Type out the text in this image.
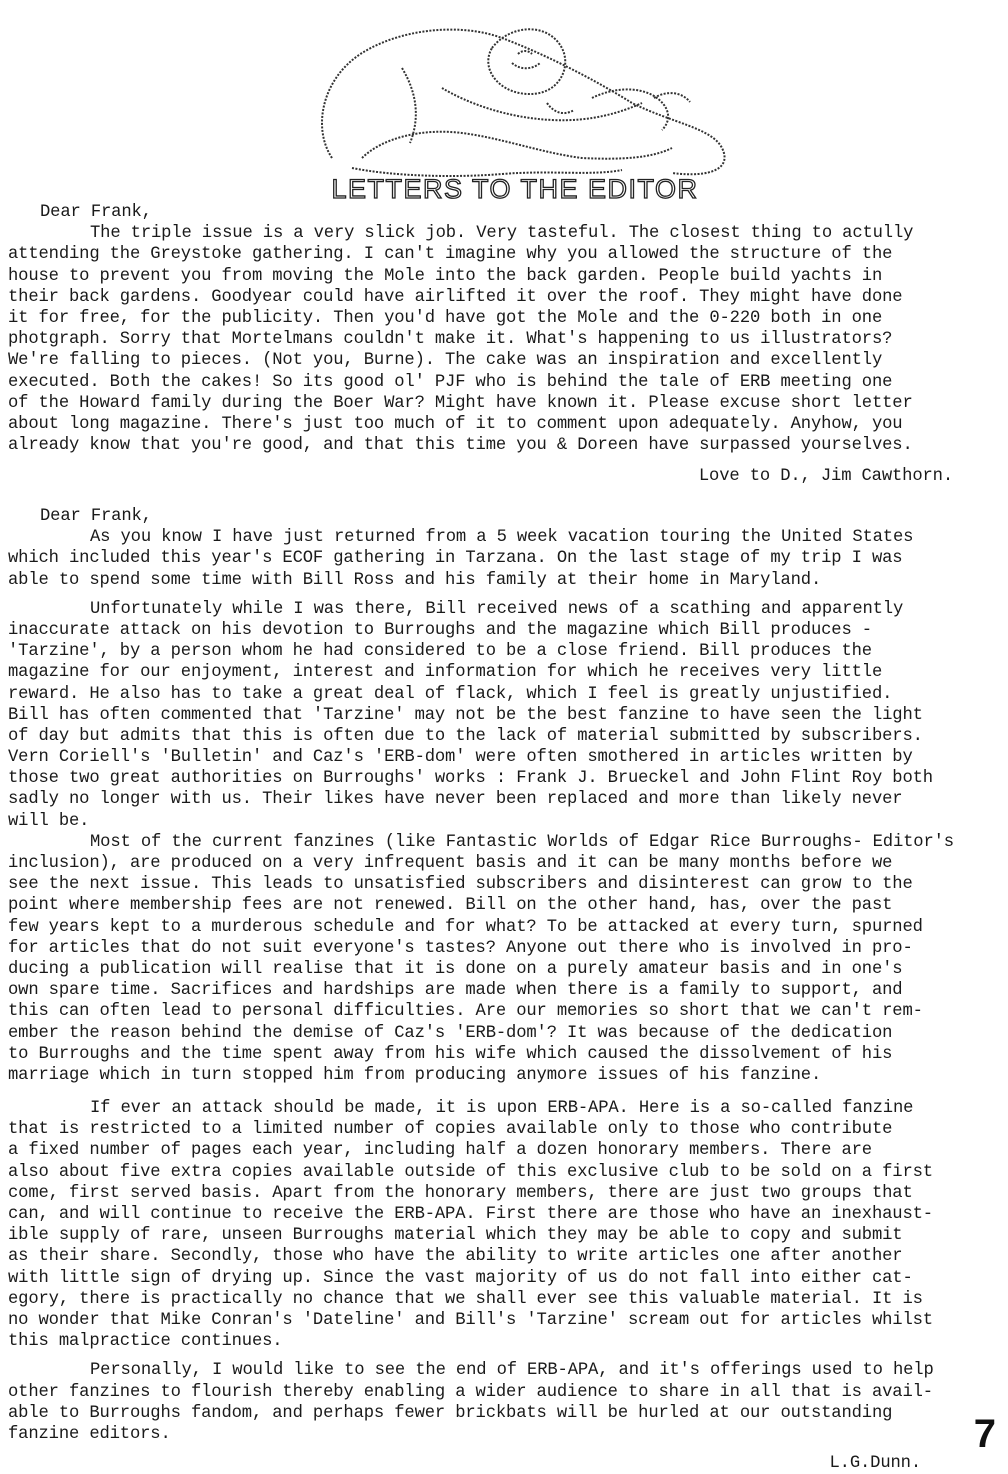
LETTERS TO THE EDITOR
Dear Frank,
The triple issue is a very slick job. Very tasteful. The closest thing to actully
attending the Greystoke gathering. I can't imagine why you allowed the structure of the
house to prevent you from moving the Mole into the back garden. People build yachts in
their back gardens. Goodyear could have airlifted it over the roof. They might have done
it for free, for the publicity. Then you'd have got the Mole and the 0-220 both in one
photgraph. Sorry that Mortelmans couldn't make it. What's happening to us illustrators?
We're falling to pieces. (Not you, Burne). The cake was an inspiration and excellently
executed. Both the cakes! So its good ol' PJF who is behind the tale of ERB meeting one
of the Howard family during the Boer War? Might have known it. Please excuse short letter
about long magazine. There's just too much of it to comment upon adequately. Anyhow, you
already know that you're good, and that this time you & Doreen have surpassed yourselves.
Love to D., Jim Cawthorn.
Dear Frank,
As you know I have just returned from a 5 week vacation touring the United States
which included this year's ECOF gathering in Tarzana. On the last stage of my trip I was
able to spend some time with Bill Ross and his family at their home in Maryland.
Unfortunately while I was there, Bill received news of a scathing and apparently
inaccurate attack on his devotion to Burroughs and the magazine which Bill produces -
'Tarzine', by a person whom he had considered to be a close friend. Bill produces the
magazine for our enjoyment, interest and information for which he receives very little
reward. He also has to take a great deal of flack, which I feel is greatly unjustified.
Bill has often commented that 'Tarzine' may not be the best fanzine to have seen the light
of day but admits that this is often due to the lack of material submitted by subscribers.
Vern Coriell's 'Bulletin' and Caz's 'ERB-dom' were often smothered in articles written by
those two great authorities on Burroughs' works : Frank J. Brueckel and John Flint Roy both
sadly no longer with us. Their likes have never been replaced and more than likely never
will be.
Most of the current fanzines (like Fantastic Worlds of Edgar Rice Burroughs- Editor's
inclusion), are produced on a very infrequent basis and it can be many months before we
see the next issue. This leads to unsatisfied subscribers and disinterest can grow to the
point where membership fees are not renewed. Bill on the other hand, has, over the past
few years kept to a murderous schedule and for what? To be attacked at every turn, spurned
for articles that do not suit everyone's tastes? Anyone out there who is involved in pro-
ducing a publication will realise that it is done on a purely amateur basis and in one's
own spare time. Sacrifices and hardships are made when there is a family to support, and
this can often lead to personal difficulties. Are our memories so short that we can't rem-
ember the reason behind the demise of Caz's 'ERB-dom'? It was because of the dedication
to Burroughs and the time spent away from his wife which caused the dissolvement of his
marriage which in turn stopped him from producing anymore issues of his fanzine.
If ever an attack should be made, it is upon ERB-APA. Here is a so-called fanzine
that is restricted to a limited number of copies available only to those who contribute
a fixed number of pages each year, including half a dozen honorary members. There are
also about five extra copies available outside of this exclusive club to be sold on a first
come, first served basis. Apart from the honorary members, there are just two groups that
can, and will continue to receive the ERB-APA. First there are those who have an inexhaust-
ible supply of rare, unseen Burroughs material which they may be able to copy and submit
as their share. Secondly, those who have the ability to write articles one after another
with little sign of drying up. Since the vast majority of us do not fall into either cat-
egory, there is practically no chance that we shall ever see this valuable material. It is
no wonder that Mike Conran's 'Dateline' and Bill's 'Tarzine' scream out for articles whilst
this malpractice continues.
Personally, I would like to see the end of ERB-APA, and it's offerings used to help
other fanzines to flourish thereby enabling a wider audience to share in all that is avail-
able to Burroughs fandom, and perhaps fewer brickbats will be hurled at our outstanding
fanzine editors.
L.G.Dunn.
7
